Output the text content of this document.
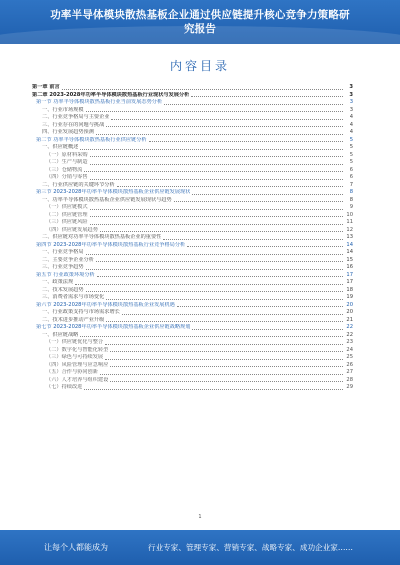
功率半导体模块散热基板企业通过供应链提升核心竞争力策略研
究报告
内容目录
第一章 前言	3
第二章 2023-2028年功率半导体模块散热基板行业现状与发展分析	3
第一节 功率半导体模块散热基板行业当前发展态势分析	3
一、行业市场规模	3
二、行业竞争格局与主要企业	4
三、行业存在的问题与挑战	4
四、行业发展趋势预测	4
第二节 功率半导体模块散热基板行业供应链分析	5
一、供应链概述	5
（一）原材料采购	5
（二）生产与制造	5
（三）仓储物流	6
（四）分销与零售	6
二、行业供应链的关键环节分析	7
第三节 2023-2028年功率半导体模块散热基板企业供应链发展现状	8
一、功率半导体模块散热基板企业供应链发展现状与趋势	8
（一）供应链模式	9
（二）供应链管理	10
（三）供应链风险	11
（四）供应链发展趋势	12
二、供应链对功率半导体模块散热基板企业的重要性	13
第四节 2023-2028年功率半导体模块散热基板行业竞争格局分析	14
一、行业竞争格局	14
二、主要竞争企业分析	15
三、行业竞争趋势	16
第五节 行业政策环境分析	17
一、政策法规	17
二、技术发展趋势	18
三、消费者需求与市场变化	19
第六节 2023-2028年功率半导体模块散热基板企业发展机遇	20
一、行业政策支持与市场需求增长	20
二、技术进步推动产业升级	21
第七节 2023-2028年功率半导体模块散热基板企业供应链战略规划	22
一、供应链战略	22
（一）供应链优化与整合	23
（二）数字化与智能化转型	24
（三）绿色与可持续发展	25
（四）风险管理与应急响应	26
（五）合作与协同创新	27
（六）人才培养与组织建设	28
（七）持续改进	29
1
让每个人都能成为	行业专家、管理专家、营销专家、战略专家、成功企业家……
